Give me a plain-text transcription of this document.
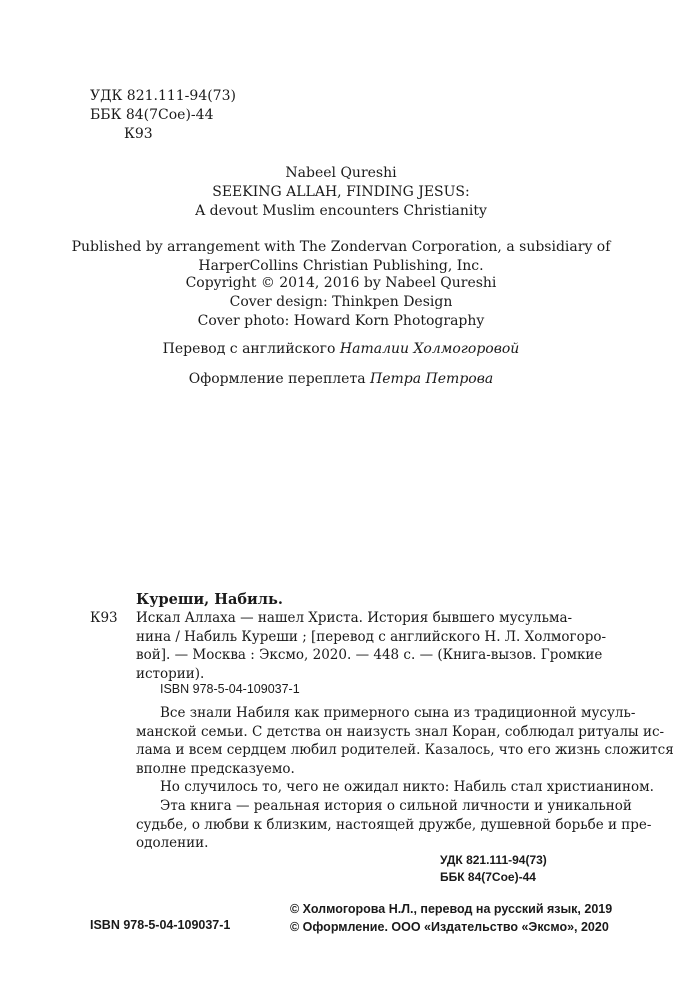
УДК 821.111-94(73)
ББК 84(7Сое)-44
К93
Nabeel Qureshi
SEEKING ALLAH, FINDING JESUS:
A devout Muslim encounters Christianity
Published by arrangement with The Zondervan Corporation, a subsidiary of
HarperCollins Christian Publishing, Inc.
Copyright © 2014, 2016 by Nabeel Qureshi
Cover design: Thinkpen Design
Cover photo: Howard Korn Photography
Перевод с английского Наталии Холмогоровой
Оформление переплета Петра Петрова
Куреши, Набиль.
К93 Искал Аллаха — нашел Христа. История бывшего мусульма-
нина / Набиль Куреши ; [перевод с английского Н. Л. Холмогоро-
вой]. — Москва : Эксмо, 2020. — 448 с. — (Книга-вызов. Громкие
истории).
ISBN 978-5-04-109037-1
Все знали Набиля как примерного сына из традиционной мусуль-
манской семьи. С детства он наизусть знал Коран, соблюдал ритуалы ис-
лама и всем сердцем любил родителей. Казалось, что его жизнь сложится
вполне предсказуемо.
Но случилось то, чего не ожидал никто: Набиль стал христианином.
Эта книга — реальная история о сильной личности и уникальной
судьбе, о любви к близким, настоящей дружбе, душевной борьбе и пре-
одолении.
УДК 821.111-94(73)
ББК 84(7Сое)-44
ISBN 978-5-04-109037-1
© Холмогорова Н.Л., перевод на русский язык, 2019
© Оформление. ООО «Издательство «Эксмо», 2020
